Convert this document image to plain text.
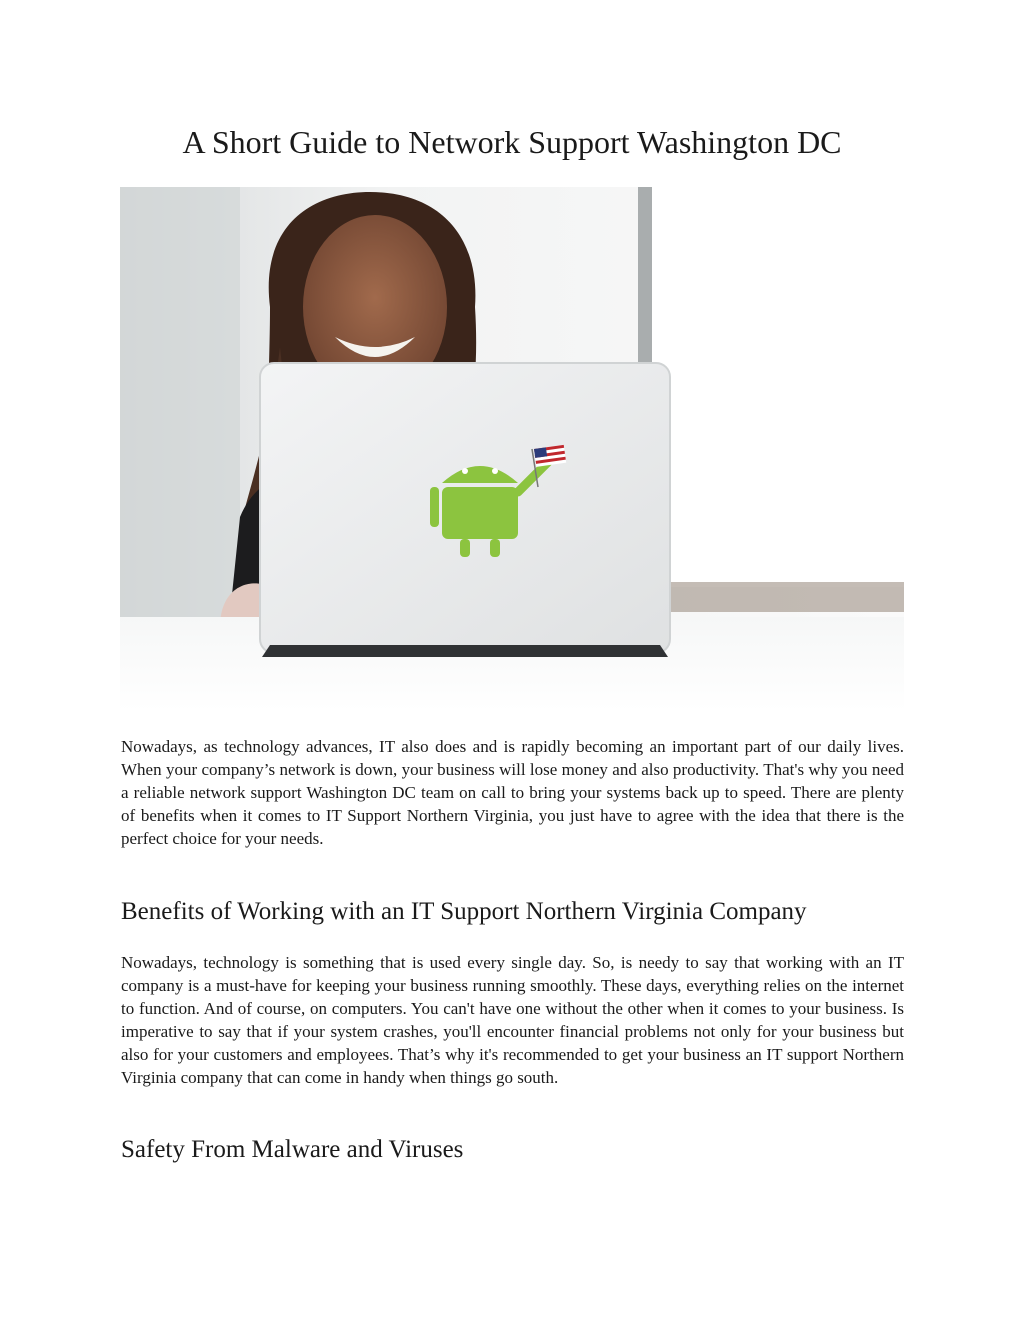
A Short Guide to Network Support Washington DC

Nowadays, as technology advances, IT also does and is rapidly becoming an important part of our daily lives. When your company’s network is down, your business will lose money and also productivity. That's why you need a reliable network support Washington DC team on call to bring your systems back up to speed. There are plenty of benefits when it comes to IT Support Northern Virginia, you just have to agree with the idea that there is the perfect choice for your needs.

Benefits of Working with an IT Support Northern Virginia Company

Nowadays, technology is something that is used every single day. So, is needy to say that working with an IT company is a must-have for keeping your business running smoothly. These days, everything relies on the internet to function. And of course, on computers. You can't have one without the other when it comes to your business. Is imperative to say that if your system crashes, you'll encounter financial problems not only for your business but also for your customers and employees. That’s why it's recommended to get your business an IT support Northern Virginia company that can come in handy when things go south.

Safety From Malware and Viruses
